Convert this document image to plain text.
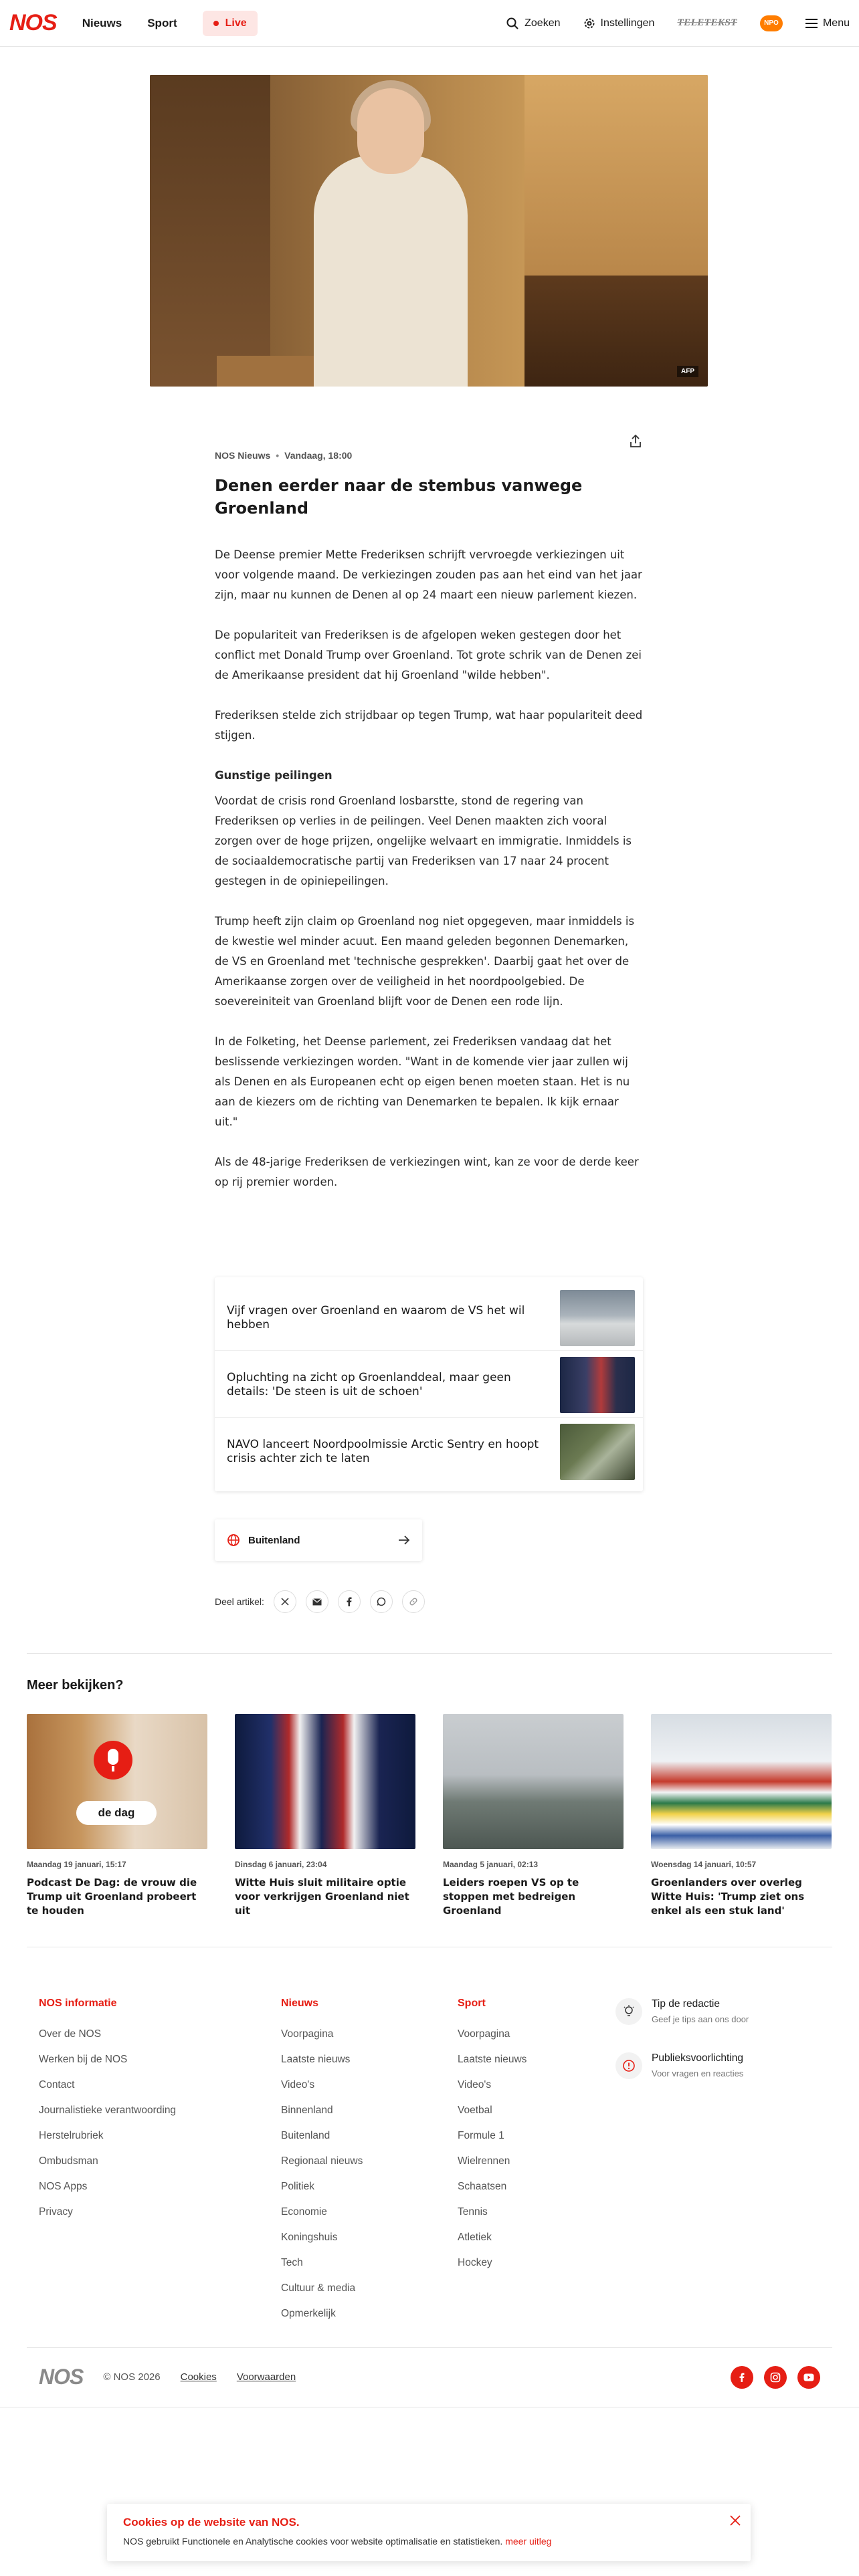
NOS Nieuws Sport	Live	Zoeken	Instellingen TELETEKST	NPO	Menu
AFP
NOS Nieuws • Vandaag, 18:00
Denen eerder naar de stembus vanwege Groenland

De Deense premier Mette Frederiksen schrijft vervroegde verkiezingen uit voor volgende maand. De verkiezingen zouden pas aan het eind van het jaar zijn, maar nu kunnen de Denen al op 24 maart een nieuw parlement kiezen.

De populariteit van Frederiksen is de afgelopen weken gestegen door het conflict met Donald Trump over Groenland. Tot grote schrik van de Denen zei de Amerikaanse president dat hij Groenland "wilde hebben".

Frederiksen stelde zich strijdbaar op tegen Trump, wat haar populariteit deed stijgen.

Gunstige peilingen

Voordat de crisis rond Groenland losbarstte, stond de regering van Frederiksen op verlies in de peilingen. Veel Denen maakten zich vooral zorgen over de hoge prijzen, ongelijke welvaart en immigratie. Inmiddels is de sociaaldemocratische partij van Frederiksen van 17 naar 24 procent gestegen in de opiniepeilingen.

Trump heeft zijn claim op Groenland nog niet opgegeven, maar inmiddels is de kwestie wel minder acuut. Een maand geleden begonnen Denemarken, de VS en Groenland met 'technische gesprekken'. Daarbij gaat het over de Amerikaanse zorgen over de veiligheid in het noordpoolgebied. De soevereiniteit van Groenland blijft voor de Denen een rode lijn.

In de Folketing, het Deense parlement, zei Frederiksen vandaag dat het beslissende verkiezingen worden. "Want in de komende vier jaar zullen wij als Denen en als Europeanen echt op eigen benen moeten staan. Het is nu aan de kiezers om de richting van Denemarken te bepalen. Ik kijk ernaar uit."

Als de 48-jarige Frederiksen de verkiezingen wint, kan ze voor de derde keer op rij premier worden.

Vijf vragen over Groenland en waarom de VS het wil hebben
Opluchting na zicht op Groenlanddeal, maar geen details: 'De steen is uit de schoen'
NAVO lanceert Noordpoolmissie Arctic Sentry en hoopt crisis achter zich te laten
Buitenland
Deel artikel:
Meer bekijken?
de dag
Maandag 19 januari, 15:17
Podcast De Dag: de vrouw die Trump uit Groenland probeert te houden
Dinsdag 6 januari, 23:04
Witte Huis sluit militaire optie voor verkrijgen Groenland niet uit
Maandag 5 januari, 02:13
Leiders roepen VS op te stoppen met bedreigen Groenland
Woensdag 14 januari, 10:57
Groenlanders over overleg Witte Huis: 'Trump ziet ons enkel als een stuk land'
NOS informatie
Over de NOS
Werken bij de NOS
Contact
Journalistieke verantwoording
Herstelrubriek
Ombudsman
NOS Apps
Privacy
Nieuws
Voorpagina
Laatste nieuws
Video's
Binnenland
Buitenland
Regionaal nieuws
Politiek
Economie
Koningshuis
Tech
Cultuur & media
Opmerkelijk
Sport
Voorpagina
Laatste nieuws
Video's
Voetbal
Formule 1
Wielrennen
Schaatsen
Tennis
Atletiek
Hockey
Tip de redactie
Geef je tips aan ons door
Publieksvoorlichting
Voor vragen en reacties
NOS © NOS 2026 Cookies Voorwaarden
Cookies op de website van NOS.
NOS gebruikt Functionele en Analytische cookies voor website optimalisatie en statistieken. meer uitleg
